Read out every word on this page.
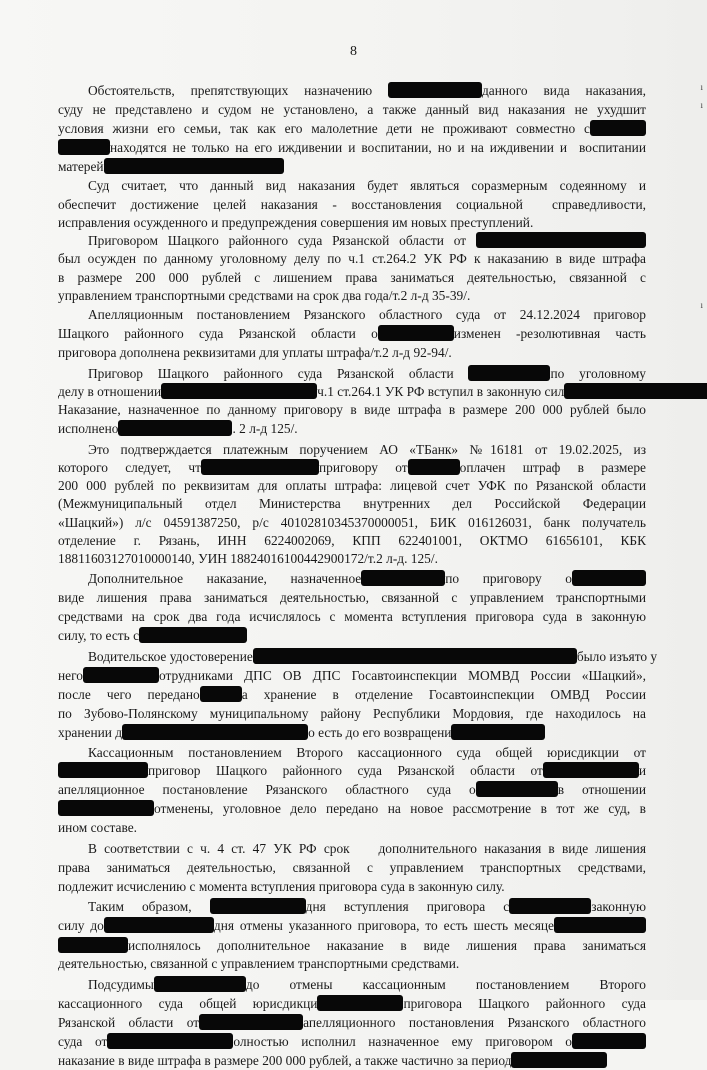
8
Обстоятельств, препятствующих назначению	данного вида наказания,
суду не представлено и судом не установлено, а также данный вид наказания не ухудшит
условия жизни его семьи, так как его малолетние дети не проживают совместно с
находятся не только на его иждивении и воспитании, но и на иждивении и  воспитании
матерей
Суд считает, что данный вид наказания будет являться соразмерным содеянному и
обеспечит достижение целей наказания - восстановления социальной  справедливости,
исправления осужденного и предупреждения совершения им новых преступлений.
Приговором Шацкого районного суда Рязанской области от
был осужден по данному уголовному делу по ч.1 ст.264.2 УК РФ к наказанию в виде штрафа
в размере 200 000 рублей с лишением права заниматься деятельностью, связанной с
управлением транспортными средствами на срок два года/т.2 л-д 35-39/.
Апелляционным постановлением Рязанского областного суда от 24.12.2024 приговор
Шацкого районного суда Рязанской области о	изменен -резолютивная часть
приговора дополнена реквизитами для уплаты штрафа/т.2 л-д 92-94/.
Приговор Шацкого районного суда Рязанской области	по уголовному
делу в отношении	ч.1 ст.264.1 УК РФ вступил в законную сил
Наказание, назначенное по данному приговору в виде штрафа в размере 200 000 рублей было
исполнено	. 2 л-д 125/.
Это подтверждается платежным поручением АО «ТБанк» №16181 от 19.02.2025, из
которого следует, чт	приговору от	оплачен штраф в размере
200 000 рублей по реквизитам для оплаты штрафа: лицевой счет УФК по Рязанской области
(Межмуниципальный отдел Министерства внутренних дел Российской Федерации
«Шацкий») л/с 04591387250, р/с 40102810345370000051, БИК 016126031, банк получатель
отделение г. Рязань, ИНН 6224002069, КПП 622401001, ОКТМО 61656101, КБК
18811603127010000140, УИН 18824016100442900172/т.2 л-д. 125/.
Дополнительное наказание, назначенное	по приговору о
виде лишения права заниматься деятельностью, связанной с управлением транспортными
средствами на срок два года исчислялось с момента вступления приговора суда в законную
силу, то есть с
Водительское удостоверение	было изъято у
него	отрудниками ДПС ОВ ДПС Госавтоинспекции МОМВД России «Шацкий»,
после чего передано	а хранение в отделение Госавтоинспекции ОМВД России
по Зубово-Полянскому муниципальному району Республики Мордовия, где находилось на
хранении д	о есть до его возвращени
Кассационным постановлением Второго кассационного суда общей юрисдикции от
приговор Шацкого районного суда Рязанской области от	и
апелляционное постановление Рязанского областного суда о	в отношении
отменены, уголовное дело передано на новое рассмотрение в тот же суд, в
ином составе.
В соответствии с ч. 4 ст. 47 УК РФ срок    дополнительного наказания в виде лишения
права заниматься деятельностью, связанной с управлением транспортных средствами,
подлежит исчислению с момента вступления приговора суда в законную силу.
Таким образом,	дня вступления приговора с	законную
силу до	дня отмены указанного приговора, то есть шесть месяце
исполнялось дополнительное наказание в виде лишения права заниматься
деятельностью, связанной с управлением транспортными средствами.
Подсудимы	до отмены кассационным постановлением Второго
кассационного суда общей юрисдикци	приговора Шацкого районного суда
Рязанской области от	апелляционного постановления Рязанского областного
суда от	олностью исполнил назначенное ему приговором о
наказание в виде штрафа в размере 200 000 рублей, а также частично за период
ı
ı
ı
